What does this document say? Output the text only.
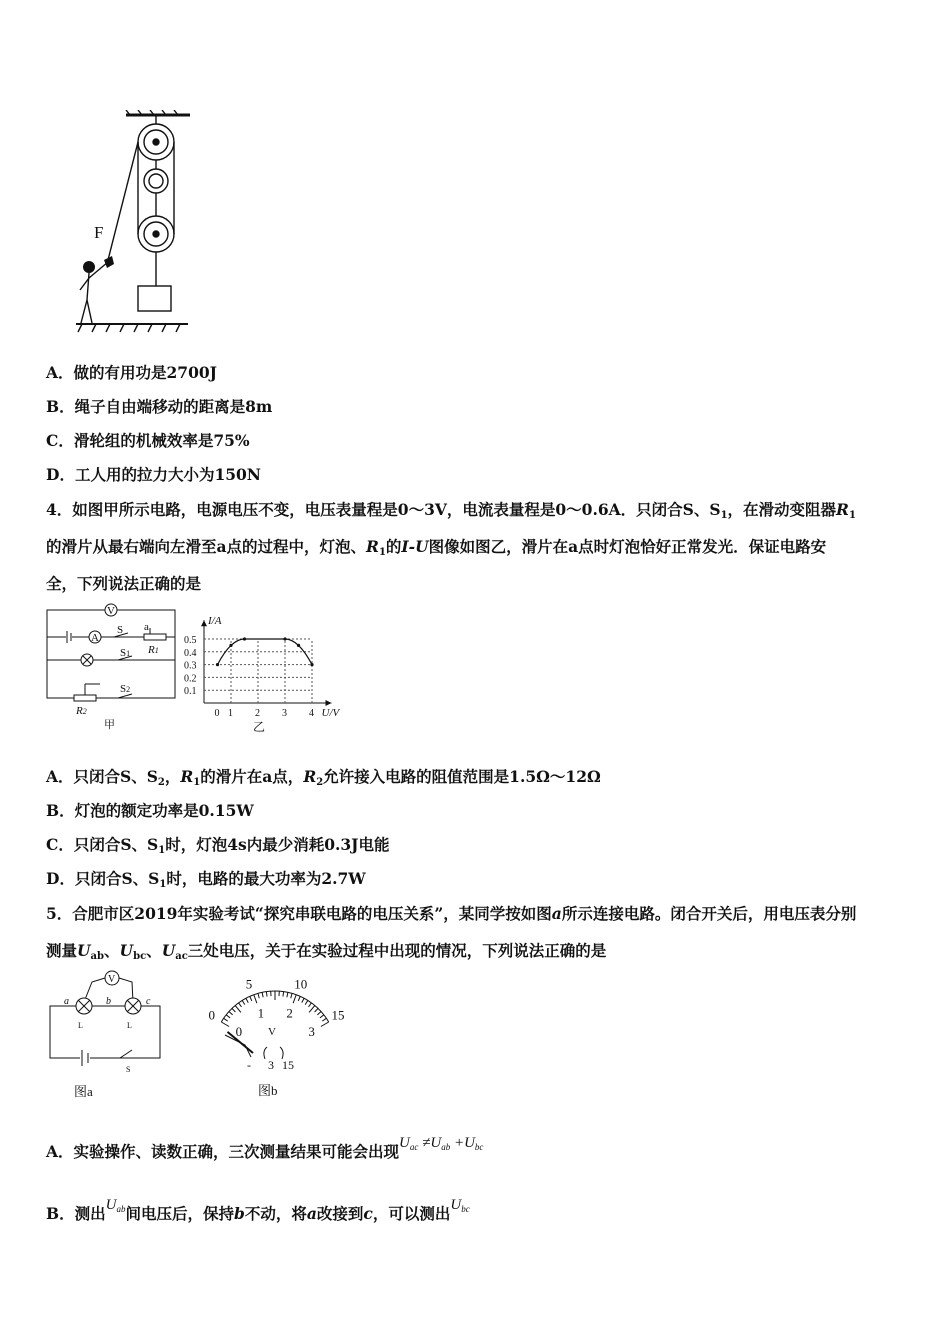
F
A．做的有用功是2700J
B．绳子自由端移动的距离是8m
C．滑轮组的机械效率是75%
D．工人用的拉力大小为150N
4．如图甲所示电路，电源电压不变，电压表量程是0～3V，电流表量程是0～0.6A．只闭合S、$S_1$，在滑动变阻器$R_1$
的滑片从最右端向左滑至a点的过程中，灯泡、$R_1$的I-U图像如图乙，滑片在a点时灯泡恰好正常发光．保证电路安
全，下列说法正确的是
V
A
S a
R1
S1
S2
R2
甲
0.1
0.2
0.3
0.4
0.5
1 2 3 4
0
I/A
U/V
乙
A．只闭合S、$S_2$，$R_1$的滑片在a点，$R_2$允许接入电路的阻值范围是1.5Ω～12Ω
B．灯泡的额定功率是0.15W
C．只闭合S、$S_1$时，灯泡4s内最少消耗0.3J电能
D．只闭合S、$S_1$时，电路的最大功率为2.7W
5．合肥市区2019年实验考试“探究串联电路的电压关系”，某同学按如图a所示连接电路。闭合开关后，用电压表分别
测量$U_{ab}$、$U_{bc}$、$U_{ac}$三处电压，关于在实验过程中出现的情况，下列说法正确的是
V
a	b	c
L	L
S
图a
0
5	10
15
0
1 2
3
V
- 3 15
图b
A．实验操作、读数正确，三次测量结果可能会出现$U_{ac} \ne U_{ab} +U_{bc}$
B．测出$U_{ab}$间电压后，保持b不动，将a改接到c，可以测出$U_{bc}$
